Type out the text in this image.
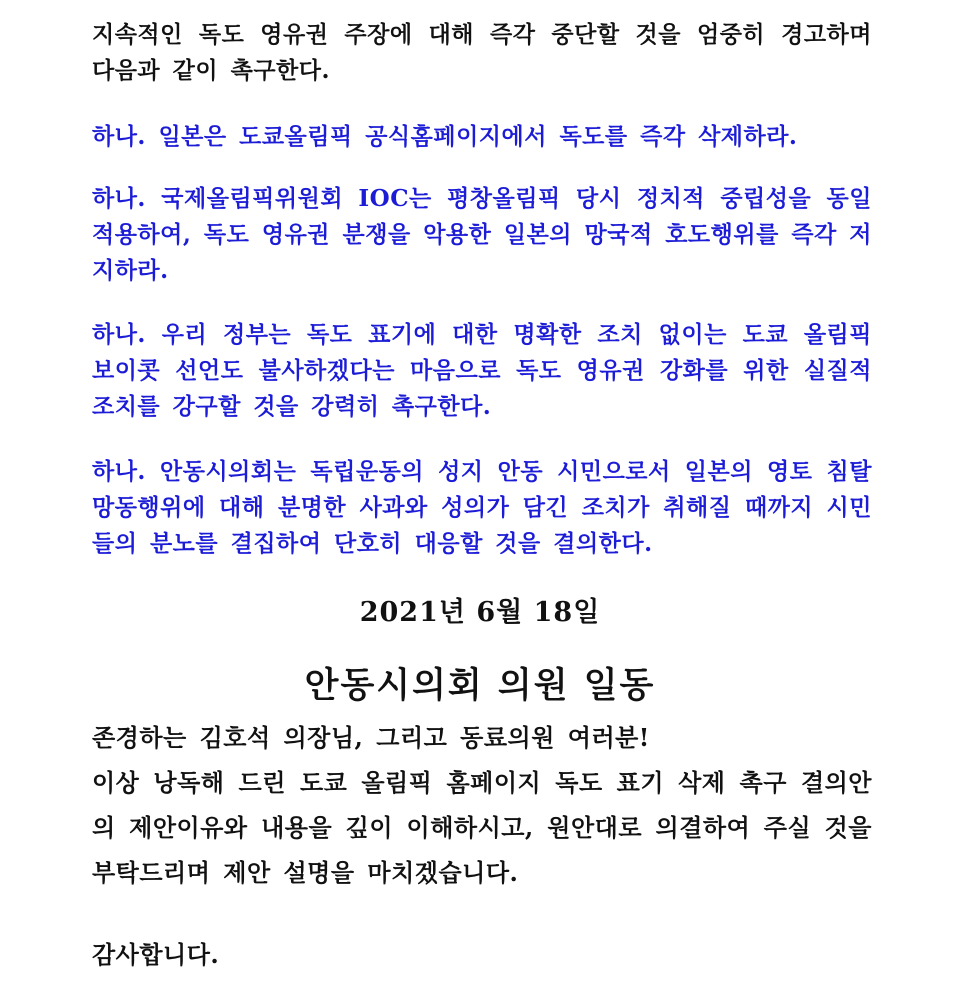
지속적인 독도 영유권 주장에 대해 즉각 중단할 것을 엄중히 경고하며 다음과 같이 촉구한다.
하나. 일본은 도쿄올림픽 공식홈페이지에서 독도를 즉각 삭제하라.
하나. 국제올림픽위원회 IOC는 평창올림픽 당시 정치적 중립성을 동일 적용하여, 독도 영유권 분쟁을 악용한 일본의 망국적 호도행위를 즉각 저지하라.
하나. 우리 정부는 독도 표기에 대한 명확한 조치 없이는 도쿄 올림픽 보이콧 선언도 불사하겠다는 마음으로 독도 영유권 강화를 위한 실질적 조치를 강구할 것을 강력히 촉구한다.
하나. 안동시의회는 독립운동의 성지 안동 시민으로서 일본의 영토 침탈 망동행위에 대해 분명한 사과와 성의가 담긴 조치가 취해질 때까지 시민들의 분노를 결집하여 단호히 대응할 것을 결의한다.
2021년 6월 18일
안동시의회 의원 일동
존경하는 김호석 의장님, 그리고 동료의원 여러분!
이상 낭독해 드린 도쿄 올림픽 홈페이지 독도 표기 삭제 촉구 결의안의 제안이유와 내용을 깊이 이해하시고, 원안대로 의결하여 주실 것을 부탁드리며 제안 설명을 마치겠습니다.
감사합니다.
